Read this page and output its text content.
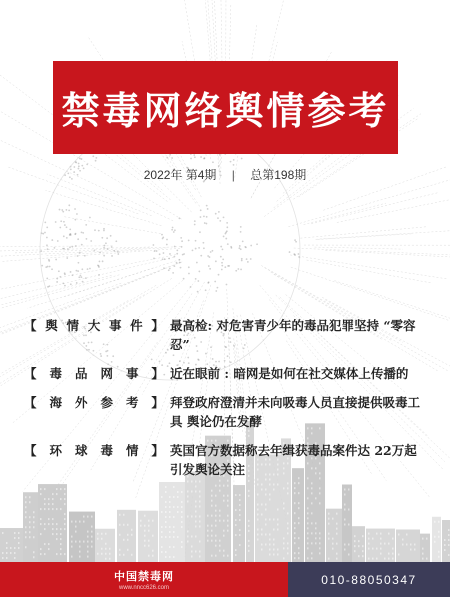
禁毒网络舆情参考
2022年 第4期 | 总第198期
【 舆 情 大 事 件 】 最高检: 对危害青少年的毒品犯罪坚持 “零容忍”
【 毒 品 网 事 】 近在眼前 : 暗网是如何在社交媒体上传播的
【 海 外 参 考 】 拜登政府澄清并未向吸毒人员直接提供吸毒工具 舆论仍在发酵
【 环 球 毒 情 】 英国官方数据称去年缉获毒品案件达 22万起 引发舆论关注
中国禁毒网
www.nncc626.com
010-88050347
